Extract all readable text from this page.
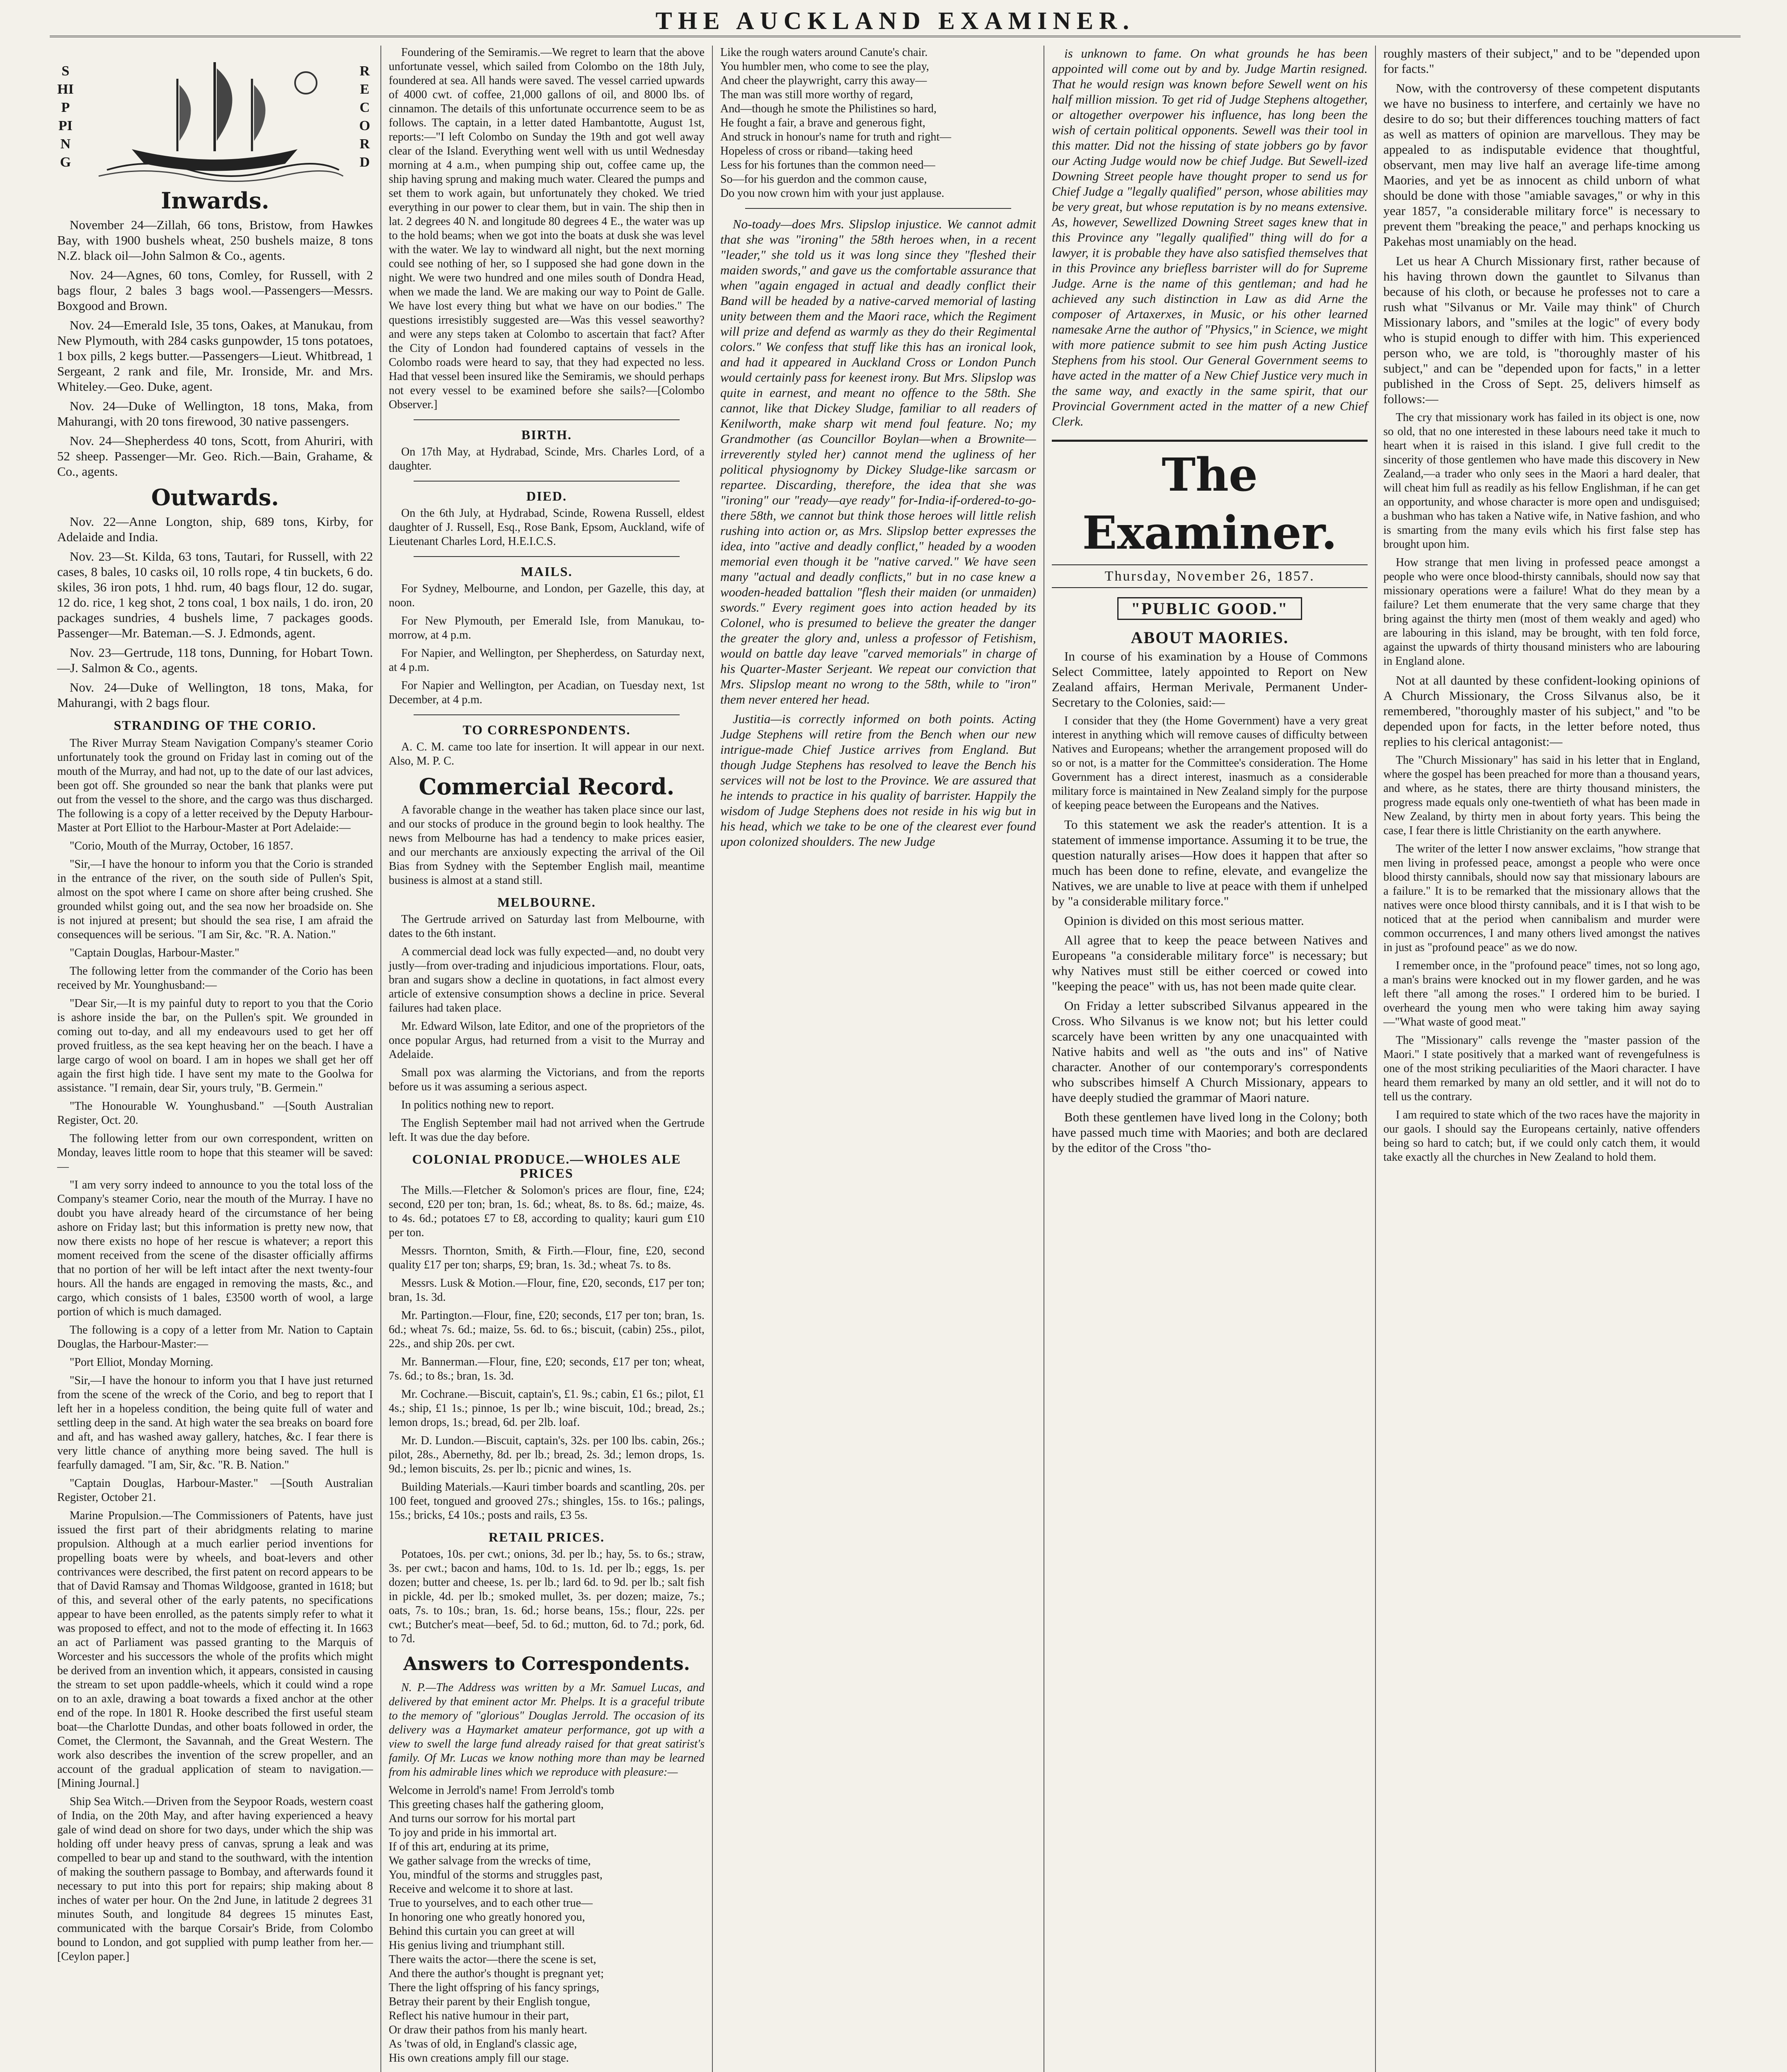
THE AUCKLAND EXAMINER.
SHIPPING
RECORD
Inwards.

November 24—Zillah, 66 tons, Bristow, from Hawkes Bay, with 1900 bushels wheat, 250 bushels maize, 8 tons N.Z. black oil—John Salmon & Co., agents.

Nov. 24—Agnes, 60 tons, Comley, for Russell, with 2 bags flour, 2 bales 3 bags wool.—Passengers—Messrs. Boxgood and Brown.

Nov. 24—Emerald Isle, 35 tons, Oakes, at Manukau, from New Plymouth, with 284 casks gunpowder, 15 tons potatoes, 1 box pills, 2 kegs butter.—Passengers—Lieut. Whitbread, 1 Sergeant, 2 rank and file, Mr. Ironside, Mr. and Mrs. Whiteley.—Geo. Duke, agent.

Nov. 24—Duke of Wellington, 18 tons, Maka, from Mahurangi, with 20 tons firewood, 30 native passengers.

Nov. 24—Shepherdess 40 tons, Scott, from Ahuriri, with 52 sheep. Passenger—Mr. Geo. Rich.—Bain, Grahame, & Co., agents.

Outwards.

Nov. 22—Anne Longton, ship, 689 tons, Kirby, for Adelaide and India.

Nov. 23—St. Kilda, 63 tons, Tautari, for Russell, with 22 cases, 8 bales, 10 casks oil, 10 rolls rope, 4 tin buckets, 6 do. skiles, 36 iron pots, 1 hhd. rum, 40 bags flour, 12 do. sugar, 12 do. rice, 1 keg shot, 2 tons coal, 1 box nails, 1 do. iron, 20 packages sundries, 4 bushels lime, 7 packages goods. Passenger—Mr. Bateman.—S. J. Edmonds, agent.

Nov. 23—Gertrude, 118 tons, Dunning, for Hobart Town.—J. Salmon & Co., agents.

Nov. 24—Duke of Wellington, 18 tons, Maka, for Mahurangi, with 2 bags flour.

STRANDING OF THE CORIO.

The River Murray Steam Navigation Company's steamer Corio unfortunately took the ground on Friday last in coming out of the mouth of the Murray, and had not, up to the date of our last advices, been got off. She grounded so near the bank that planks were put out from the vessel to the shore, and the cargo was thus discharged. The following is a copy of a letter received by the Deputy Harbour-Master at Port Elliot to the Harbour-Master at Port Adelaide:—

"Corio, Mouth of the Murray, October, 16 1857.

"Sir,—I have the honour to inform you that the Corio is stranded in the entrance of the river, on the south side of Pullen's Spit, almost on the spot where I came on shore after being crushed. She grounded whilst going out, and the sea now her broadside on. She is not injured at present; but should the sea rise, I am afraid the consequences will be serious. "I am Sir, &c. "R. A. Nation."

"Captain Douglas, Harbour-Master."

The following letter from the commander of the Corio has been received by Mr. Younghusband:—

"Dear Sir,—It is my painful duty to report to you that the Corio is ashore inside the bar, on the Pullen's spit. We grounded in coming out to-day, and all my endeavours used to get her off proved fruitless, as the sea kept heaving her on the beach. I have a large cargo of wool on board. I am in hopes we shall get her off again the first high tide. I have sent my mate to the Goolwa for assistance. "I remain, dear Sir, yours truly, "B. Germein."

"The Honourable W. Younghusband." —[South Australian Register, Oct. 20.

The following letter from our own correspondent, written on Monday, leaves little room to hope that this steamer will be saved:—

"I am very sorry indeed to announce to you the total loss of the Company's steamer Corio, near the mouth of the Murray. I have no doubt you have already heard of the circumstance of her being ashore on Friday last; but this information is pretty new now, that now there exists no hope of her rescue is whatever; a report this moment received from the scene of the disaster officially affirms that no portion of her will be left intact after the next twenty-four hours. All the hands are engaged in removing the masts, &c., and cargo, which consists of 1 bales, £3500 worth of wool, a large portion of which is much damaged.

The following is a copy of a letter from Mr. Nation to Captain Douglas, the Harbour-Master:—

"Port Elliot, Monday Morning.

"Sir,—I have the honour to inform you that I have just returned from the scene of the wreck of the Corio, and beg to report that I left her in a hopeless condition, the being quite full of water and settling deep in the sand. At high water the sea breaks on board fore and aft, and has washed away gallery, hatches, &c. I fear there is very little chance of anything more being saved. The hull is fearfully damaged. "I am, Sir, &c. "R. B. Nation."

"Captain Douglas, Harbour-Master." —[South Australian Register, October 21.

Marine Propulsion.—The Commissioners of Patents, have just issued the first part of their abridgments relating to marine propulsion. Although at a much earlier period inventions for propelling boats were by wheels, and boat-levers and other contrivances were described, the first patent on record appears to be that of David Ramsay and Thomas Wildgoose, granted in 1618; but of this, and several other of the early patents, no specifications appear to have been enrolled, as the patents simply refer to what it was proposed to effect, and not to the mode of effecting it. In 1663 an act of Parliament was passed granting to the Marquis of Worcester and his successors the whole of the profits which might be derived from an invention which, it appears, consisted in causing the stream to set upon paddle-wheels, which it could wind a rope on to an axle, drawing a boat towards a fixed anchor at the other end of the rope. In 1801 R. Hooke described the first useful steam boat—the Charlotte Dundas, and other boats followed in order, the Comet, the Clermont, the Savannah, and the Great Western. The work also describes the invention of the screw propeller, and an account of the gradual application of steam to navigation.—[Mining Journal.]

Ship Sea Witch.—Driven from the Seypoor Roads, western coast of India, on the 20th May, and after having experienced a heavy gale of wind dead on shore for two days, under which the ship was holding off under heavy press of canvas, sprung a leak and was compelled to bear up and stand to the southward, with the intention of making the southern passage to Bombay, and afterwards found it necessary to put into this port for repairs; ship making about 8 inches of water per hour. On the 2nd June, in latitude 2 degrees 31 minutes South, and longitude 84 degrees 15 minutes East, communicated with the barque Corsair's Bride, from Colombo bound to London, and got supplied with pump leather from her.—[Ceylon paper.]

Foundering of the Semiramis.—We regret to learn that the above unfortunate vessel, which sailed from Colombo on the 18th July, foundered at sea. All hands were saved. The vessel carried upwards of 4000 cwt. of coffee, 21,000 gallons of oil, and 8000 lbs. of cinnamon. The details of this unfortunate occurrence seem to be as follows. The captain, in a letter dated Hambantotte, August 1st, reports:—"I left Colombo on Sunday the 19th and got well away clear of the Island. Everything went well with us until Wednesday morning at 4 a.m., when pumping ship out, coffee came up, the ship having sprung and making much water. Cleared the pumps and set them to work again, but unfortunately they choked. We tried everything in our power to clear them, but in vain. The ship then in lat. 2 degrees 40 N. and longitude 80 degrees 4 E., the water was up to the hold beams; when we got into the boats at dusk she was level with the water. We lay to windward all night, but the next morning could see nothing of her, so I supposed she had gone down in the night. We were two hundred and one miles south of Dondra Head, when we made the land. We are making our way to Point de Galle. We have lost every thing but what we have on our bodies." The questions irresistibly suggested are—Was this vessel seaworthy? and were any steps taken at Colombo to ascertain that fact? After the City of London had foundered captains of vessels in the Colombo roads were heard to say, that they had expected no less. Had that vessel been insured like the Semiramis, we should perhaps not every vessel to be examined before she sails?—[Colombo Observer.]

BIRTH.

On 17th May, at Hydrabad, Scinde, Mrs. Charles Lord, of a daughter.

DIED.

On the 6th July, at Hydrabad, Scinde, Rowena Russell, eldest daughter of J. Russell, Esq., Rose Bank, Epsom, Auckland, wife of Lieutenant Charles Lord, H.E.I.C.S.

MAILS.

For Sydney, Melbourne, and London, per Gazelle, this day, at noon.

For New Plymouth, per Emerald Isle, from Manukau, to-morrow, at 4 p.m.

For Napier, and Wellington, per Shepherdess, on Saturday next, at 4 p.m.

For Napier and Wellington, per Acadian, on Tuesday next, 1st December, at 4 p.m.

TO CORRESPONDENTS.

A. C. M. came too late for insertion. It will appear in our next. Also, M. P. C.

Commercial Record.

A favorable change in the weather has taken place since our last, and our stocks of produce in the ground begin to look healthy. The news from Melbourne has had a tendency to make prices easier, and our merchants are anxiously expecting the arrival of the Oil Bias from Sydney with the September English mail, meantime business is almost at a stand still.

MELBOURNE.

The Gertrude arrived on Saturday last from Melbourne, with dates to the 6th instant.

A commercial dead lock was fully expected—and, no doubt very justly—from over-trading and injudicious importations. Flour, oats, bran and sugars show a decline in quotations, in fact almost every article of extensive consumption shows a decline in price. Several failures had taken place.

Mr. Edward Wilson, late Editor, and one of the proprietors of the once popular Argus, had returned from a visit to the Murray and Adelaide.

Small pox was alarming the Victorians, and from the reports before us it was assuming a serious aspect.

In politics nothing new to report.

The English September mail had not arrived when the Gertrude left. It was due the day before.

COLONIAL PRODUCE.—WHOLES ALE PRICES

The Mills.—Fletcher & Solomon's prices are flour, fine, £24; second, £20 per ton; bran, 1s. 6d.; wheat, 8s. to 8s. 6d.; maize, 4s. to 4s. 6d.; potatoes £7 to £8, according to quality; kauri gum £10 per ton.

Messrs. Thornton, Smith, & Firth.—Flour, fine, £20, second quality £17 per ton; sharps, £9; bran, 1s. 3d.; wheat 7s. to 8s.

Messrs. Lusk & Motion.—Flour, fine, £20, seconds, £17 per ton; bran, 1s. 3d.

Mr. Partington.—Flour, fine, £20; seconds, £17 per ton; bran, 1s. 6d.; wheat 7s. 6d.; maize, 5s. 6d. to 6s.; biscuit, (cabin) 25s., pilot, 22s., and ship 20s. per cwt.

Mr. Bannerman.—Flour, fine, £20; seconds, £17 per ton; wheat, 7s. 6d.; to 8s.; bran, 1s. 3d.

Mr. Cochrane.—Biscuit, captain's, £1. 9s.; cabin, £1 6s.; pilot, £1 4s.; ship, £1 1s.; pinnoe, 1s per lb.; wine biscuit, 10d.; bread, 2s.; lemon drops, 1s.; bread, 6d. per 2lb. loaf.

Mr. D. Lundon.—Biscuit, captain's, 32s. per 100 lbs. cabin, 26s.; pilot, 28s., Abernethy, 8d. per lb.; bread, 2s. 3d.; lemon drops, 1s. 9d.; lemon biscuits, 2s. per lb.; picnic and wines, 1s.

Building Materials.—Kauri timber boards and scantling, 20s. per 100 feet, tongued and grooved 27s.; shingles, 15s. to 16s.; palings, 15s.; bricks, £4 10s.; posts and rails, £3 5s.

RETAIL PRICES.

Potatoes, 10s. per cwt.; onions, 3d. per lb.; hay, 5s. to 6s.; straw, 3s. per cwt.; bacon and hams, 10d. to 1s. 1d. per lb.; eggs, 1s. per dozen; butter and cheese, 1s. per lb.; lard 6d. to 9d. per lb.; salt fish in pickle, 4d. per lb.; smoked mullet, 3s. per dozen; maize, 7s.; oats, 7s. to 10s.; bran, 1s. 6d.; horse beans, 15s.; flour, 22s. per cwt.; Butcher's meat—beef, 5d. to 6d.; mutton, 6d. to 7d.; pork, 6d. to 7d.

Answers to Correspondents.

N. P.—The Address was written by a Mr. Samuel Lucas, and delivered by that eminent actor Mr. Phelps. It is a graceful tribute to the memory of "glorious" Douglas Jerrold. The occasion of its delivery was a Haymarket amateur performance, got up with a view to swell the large fund already raised for that great satirist's family. Of Mr. Lucas we know nothing more than may be learned from his admirable lines which we reproduce with pleasure:—

Welcome in Jerrold's name! From Jerrold's tomb
This greeting chases half the gathering gloom,
And turns our sorrow for his mortal part
To joy and pride in his immortal art.
If of this art, enduring at its prime,
We gather salvage from the wrecks of time,
You, mindful of the storms and struggles past,
Receive and welcome it to shore at last.
True to yourselves, and to each other true—
In honoring one who greatly honored you,
Behind this curtain you can greet at will
His genius living and triumphant still.
There waits the actor—there the scene is set,
And there the author's thought is pregnant yet;
There the light offspring of his fancy springs,
Betray their parent by their English tongue,
Reflect his native humour in their part,
Or draw their pathos from his manly heart.
As 'twas of old, in England's classic age,
His own creations amply fill our stage.

Like the rough waters around Canute's chair.
You humbler men, who come to see the play,
And cheer the playwright, carry this away—
The man was still more worthy of regard,
And—though he smote the Philistines so hard,
He fought a fair, a brave and generous fight,
And struck in honour's name for truth and right—
Hopeless of cross or riband—taking heed
Less for his fortunes than the common need—
So—for his guerdon and the common cause,
Do you now crown him with your just applause.

No-toady—does Mrs. Slipslop injustice. We cannot admit that she was "ironing" the 58th heroes when, in a recent "leader," she told us it was long since they "fleshed their maiden swords," and gave us the comfortable assurance that when "again engaged in actual and deadly conflict their Band will be headed by a native-carved memorial of lasting unity between them and the Maori race, which the Regiment will prize and defend as warmly as they do their Regimental colors." We confess that stuff like this has an ironical look, and had it appeared in Auckland Cross or London Punch would certainly pass for keenest irony. But Mrs. Slipslop was quite in earnest, and meant no offence to the 58th. She cannot, like that Dickey Sludge, familiar to all readers of Kenilworth, make sharp wit mend foul feature. No; my Grandmother (as Councillor Boylan—when a Brownite—irreverently styled her) cannot mend the ugliness of her political physiognomy by Dickey Sludge-like sarcasm or repartee. Discarding, therefore, the idea that she was "ironing" our "ready—aye ready" for-India-if-ordered-to-go-there 58th, we cannot but think those heroes will little relish rushing into action or, as Mrs. Slipslop better expresses the idea, into "active and deadly conflict," headed by a wooden memorial even though it be "native carved." We have seen many "actual and deadly conflicts," but in no case knew a wooden-headed battalion "flesh their maiden (or unmaiden) swords." Every regiment goes into action headed by its Colonel, who is presumed to believe the greater the danger the greater the glory and, unless a professor of Fetishism, would on battle day leave "carved memorials" in charge of his Quarter-Master Serjeant. We repeat our conviction that Mrs. Slipslop meant no wrong to the 58th, while to "iron" them never entered her head.

Justitia—is correctly informed on both points. Acting Judge Stephens will retire from the Bench when our new intrigue-made Chief Justice arrives from England. But though Judge Stephens has resolved to leave the Bench his services will not be lost to the Province. We are assured that he intends to practice in his quality of barrister. Happily the wisdom of Judge Stephens does not reside in his wig but in his head, which we take to be one of the clearest ever found upon colonized shoulders. The new Judge

is unknown to fame. On what grounds he has been appointed will come out by and by. Judge Martin resigned. That he would resign was known before Sewell went on his half million mission. To get rid of Judge Stephens altogether, or altogether overpower his influence, has long been the wish of certain political opponents. Sewell was their tool in this matter. Did not the hissing of state jobbers go by favor our Acting Judge would now be chief Judge. But Sewell-ized Downing Street people have thought proper to send us for Chief Judge a "legally qualified" person, whose abilities may be very great, but whose reputation is by no means extensive. As, however, Sewellized Downing Street sages knew that in this Province any "legally qualified" thing will do for a lawyer, it is probable they have also satisfied themselves that in this Province any briefless barrister will do for Supreme Judge. Arne is the name of this gentleman; and had he achieved any such distinction in Law as did Arne the composer of Artaxerxes, in Music, or his other learned namesake Arne the author of "Physics," in Science, we might with more patience submit to see him push Acting Justice Stephens from his stool. Our General Government seems to have acted in the matter of a New Chief Justice very much in the same way, and exactly in the same spirit, that our Provincial Government acted in the matter of a new Chief Clerk.

The Examiner.
Thursday, November 26, 1857.
"PUBLIC GOOD."
ABOUT MAORIES.

In course of his examination by a House of Commons Select Committee, lately appointed to Report on New Zealand affairs, Herman Merivale, Permanent Under-Secretary to the Colonies, said:—

I consider that they (the Home Government) have a very great interest in anything which will remove causes of difficulty between Natives and Europeans; whether the arrangement proposed will do so or not, is a matter for the Committee's consideration. The Home Government has a direct interest, inasmuch as a considerable military force is maintained in New Zealand simply for the purpose of keeping peace between the Europeans and the Natives.

To this statement we ask the reader's attention. It is a statement of immense importance. Assuming it to be true, the question naturally arises—How does it happen that after so much has been done to refine, elevate, and evangelize the Natives, we are unable to live at peace with them if unhelped by "a considerable military force."

Opinion is divided on this most serious matter.

All agree that to keep the peace between Natives and Europeans "a considerable military force" is necessary; but why Natives must still be either coerced or cowed into "keeping the peace" with us, has not been made quite clear.

On Friday a letter subscribed Silvanus appeared in the Cross. Who Silvanus is we know not; but his letter could scarcely have been written by any one unacquainted with Native habits and well as "the outs and ins" of Native character. Another of our contemporary's correspondents who subscribes himself A Church Missionary, appears to have deeply studied the grammar of Maori nature.

Both these gentlemen have lived long in the Colony; both have passed much time with Maories; and both are declared by the editor of the Cross "tho-

roughly masters of their subject," and to be "depended upon for facts."

Now, with the controversy of these competent disputants we have no business to interfere, and certainly we have no desire to do so; but their differences touching matters of fact as well as matters of opinion are marvellous. They may be appealed to as indisputable evidence that thoughtful, observant, men may live half an average life-time among Maories, and yet be as innocent as child unborn of what should be done with those "amiable savages," or why in this year 1857, "a considerable military force" is necessary to prevent them "breaking the peace," and perhaps knocking us Pakehas most unamiably on the head.

Let us hear A Church Missionary first, rather because of his having thrown down the gauntlet to Silvanus than because of his cloth, or because he professes not to care a rush what "Silvanus or Mr. Vaile may think" of Church Missionary labors, and "smiles at the logic" of every body who is stupid enough to differ with him. This experienced person who, we are told, is "thoroughly master of his subject," and can be "depended upon for facts," in a letter published in the Cross of Sept. 25, delivers himself as follows:—

The cry that missionary work has failed in its object is one, now so old, that no one interested in these labours need take it much to heart when it is raised in this island. I give full credit to the sincerity of those gentlemen who have made this discovery in New Zealand,—a trader who only sees in the Maori a hard dealer, that will cheat him full as readily as his fellow Englishman, if he can get an opportunity, and whose character is more open and undisguised; a bushman who has taken a Native wife, in Native fashion, and who is smarting from the many evils which his first false step has brought upon him.

How strange that men living in professed peace amongst a people who were once blood-thirsty cannibals, should now say that missionary operations were a failure! What do they mean by a failure? Let them enumerate that the very same charge that they bring against the thirty men (most of them weakly and aged) who are labouring in this island, may be brought, with ten fold force, against the upwards of thirty thousand ministers who are labouring in England alone.

Not at all daunted by these confident-looking opinions of A Church Missionary, the Cross Silvanus also, be it remembered, "thoroughly master of his subject," and "to be depended upon for facts, in the letter before noted, thus replies to his clerical antagonist:—

The "Church Missionary" has said in his letter that in England, where the gospel has been preached for more than a thousand years, and where, as he states, there are thirty thousand ministers, the progress made equals only one-twentieth of what has been made in New Zealand, by thirty men in about forty years. This being the case, I fear there is little Christianity on the earth anywhere.

The writer of the letter I now answer exclaims, "how strange that men living in professed peace, amongst a people who were once blood thirsty cannibals, should now say that missionary labours are a failure." It is to be remarked that the missionary allows that the natives were once blood thirsty cannibals, and it is I that wish to be noticed that at the period when cannibalism and murder were common occurrences, I and many others lived amongst the natives in just as "profound peace" as we do now.

I remember once, in the "profound peace" times, not so long ago, a man's brains were knocked out in my flower garden, and he was left there "all among the roses." I ordered him to be buried. I overheard the young men who were taking him away saying—"What waste of good meat."

The "Missionary" calls revenge the "master passion of the Maori." I state positively that a marked want of revengefulness is one of the most striking peculiarities of the Maori character. I have heard them remarked by many an old settler, and it will not do to tell us the contrary.

I am required to state which of the two races have the majority in our gaols. I should say the Europeans certainly, native offenders being so hard to catch; but, if we could only catch them, it would take exactly all the churches in New Zealand to hold them.
